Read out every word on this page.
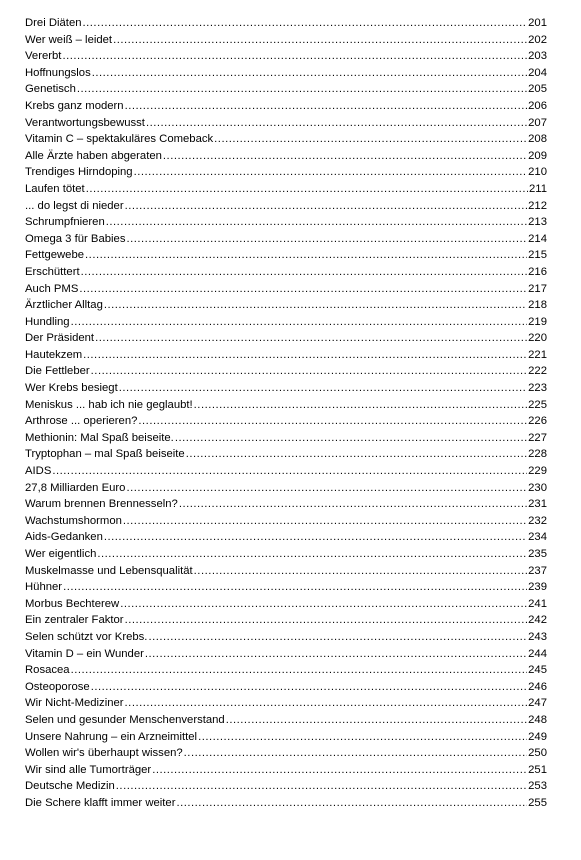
Drei Diäten .....	201
Wer weiß – leidet .....	202
Vererbt .....	203
Hoffnungslos .....	204
Genetisch .....	205
Krebs ganz modern .....	206
Verantwortungsbewusst .....	207
Vitamin C – spektakuläres Comeback .....	208
Alle Ärzte haben abgeraten .....	209
Trendiges Hirndoping .....	210
Laufen tötet .....	211
... do legst di nieder .....	212
Schrumpfnieren .....	213
Omega 3 für Babies .....	214
Fettgewebe .....	215
Erschüttert .....	216
Auch PMS .....	217
Ärztlicher Alltag .....	218
Hundling .....	219
Der Präsident .....	220
Hautekzem .....	221
Die Fettleber .....	222
Wer Krebs besiegt .....	223
Meniskus ... hab ich nie geglaubt! .....	225
Arthrose ... operieren? .....	226
Methionin: Mal Spaß beiseite. .....	227
Tryptophan – mal Spaß beiseite .....	228
AIDS .....	229
27,8 Milliarden Euro .....	230
Warum brennen Brennesseln? .....	231
Wachstumshormon .....	232
Aids-Gedanken .....	234
Wer eigentlich .....	235
Muskelmasse und Lebensqualität .....	237
Hühner .....	239
Morbus Bechterew .....	241
Ein zentraler Faktor .....	242
Selen schützt vor Krebs. .....	243
Vitamin D – ein Wunder .....	244
Rosacea .....	245
Osteoporose .....	246
Wir Nicht-Mediziner .....	247
Selen und gesunder Menschenverstand .....	248
Unsere Nahrung – ein Arzneimittel .....	249
Wollen wir's überhaupt wissen? .....	250
Wir sind alle Tumorträger .....	251
Deutsche Medizin .....	253
Die Schere klafft immer weiter .....	255
